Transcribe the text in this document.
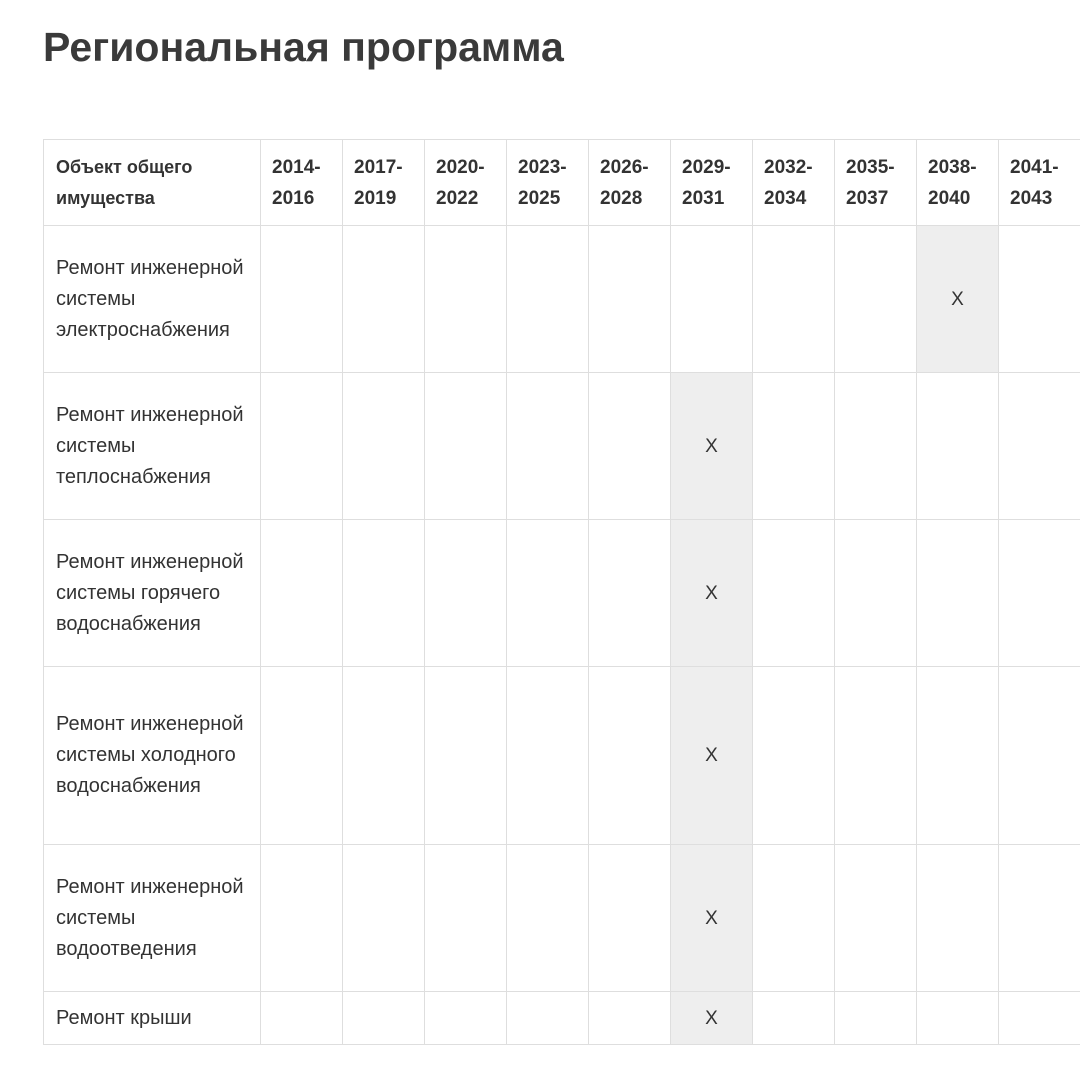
Региональная программа
Объект общего имущества	2014-2016	2017-2019	2020-2022	2023-2025	2026-2028	2029-2031	2032-2034	2035-2037	2038-2040	2041-2043
Ремонт инженерной системы электроснабжения									X	
Ремонт инженерной системы теплоснабжения						X				
Ремонт инженерной системы горячего водоснабжения						X				
Ремонт инженерной системы холодного водоснабжения						X				
Ремонт инженерной системы водоотведения						X				
Ремонт крыши						X				
